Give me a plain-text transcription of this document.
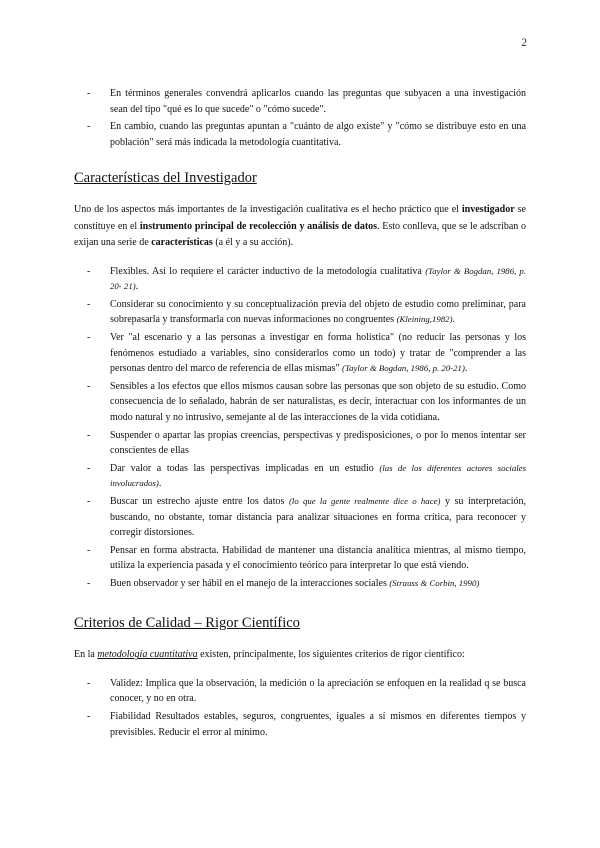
2
- En términos generales convendrá aplicarlos cuando las preguntas que subyacen a una investigación sean del tipo "qué es lo que sucede" o "cómo sucede".
- En cambio, cuando las preguntas apuntan a "cuánto de algo existe" y "cómo se distribuye esto en una población" será más indicada la metodología cuantitativa.
Características del Investigador

Uno de los aspectos más importantes de la investigación cualitativa es el hecho práctico que el investigador se constituye en el instrumento principal de recolección y análisis de datos. Esto conlleva, que se le adscriban o exijan una serie de características (a él y a su acción).

- Flexibles. Así lo requiere el carácter inductivo de la metodología cualitativa (Taylor & Bogdan, 1986, p. 20- 21).
- Considerar su conocimiento y su conceptualización previa del objeto de estudio como preliminar, para sobrepasarla y transformarla con nuevas informaciones no congruentes (Kleining,1982).
- Ver "al escenario y a las personas a investigar en forma holística" (no reducir las personas y los fenómenos estudiado a variables, sino considerarlos como un todo) y tratar de "comprender a las personas dentro del marco de referencia de ellas mismas" (Taylor & Bogdan, 1986, p. 20-21).
- Sensibles a los efectos que ellos mismos causan sobre las personas que son objeto de su estudio. Como consecuencia de lo señalado, habrán de ser naturalistas, es decir, interactuar con los informantes de un modo natural y no intrusivo, semejante al de las interacciones de la vida cotidiana.
- Suspender o apartar las propias creencias, perspectivas y predisposiciones, o por lo menos intentar ser conscientes de ellas
- Dar valor a todas las perspectivas implicadas en un estudio (las de los diferentes actores sociales involucrados).
- Buscar un estrecho ajuste entre los datos (lo que la gente realmente dice o hace) y su interpretación, buscando, no obstante, tomar distancia para analizar situaciones en forma crítica, para reconocer y corregir distorsiones.
- Pensar en forma abstracta. Habilidad de mantener una distancia analítica mientras, al mismo tiempo, utiliza la experiencia pasada y el conocimiento teórico para interpretar lo que está viendo.
- Buen observador y ser hábil en el manejo de la interacciones sociales (Strauss & Corbin, 1990)
Criterios de Calidad – Rigor Científico

En la metodología cuantitativa existen, principalmente, los siguientes criterios de rigor científico:

- Validez: Implica que la observación, la medición o la apreciación se enfoquen en la realidad q se busca conocer, y no en otra.
- Fiabilidad Resultados estables, seguros, congruentes, iguales a sí mismos en diferentes tiempos y previsibles. Reducir el error al mínimo.
